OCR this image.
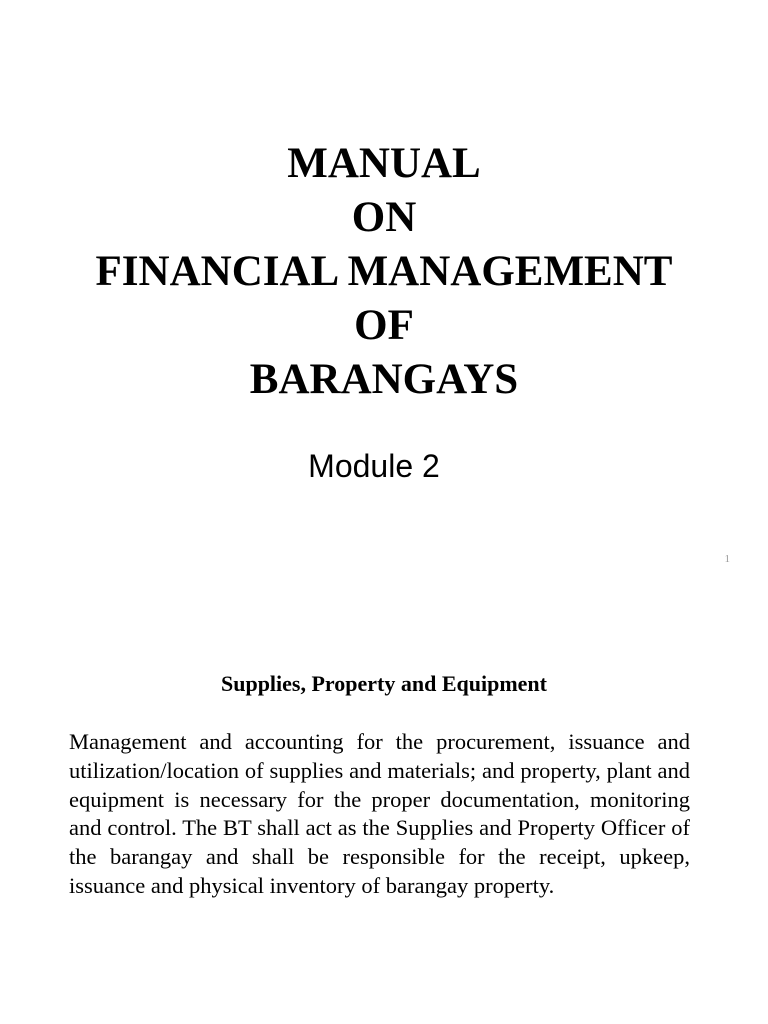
MANUAL
ON
FINANCIAL MANAGEMENT
OF
BARANGAYS
Module 2
1
Supplies, Property and Equipment

Management and accounting for the procurement, issuance and utilization/location of supplies and materials; and property, plant and equipment is necessary for the proper documentation, monitoring and control. The BT shall act as the Supplies and Property Officer of the barangay and shall be responsible for the receipt, upkeep, issuance and physical inventory of barangay property.
